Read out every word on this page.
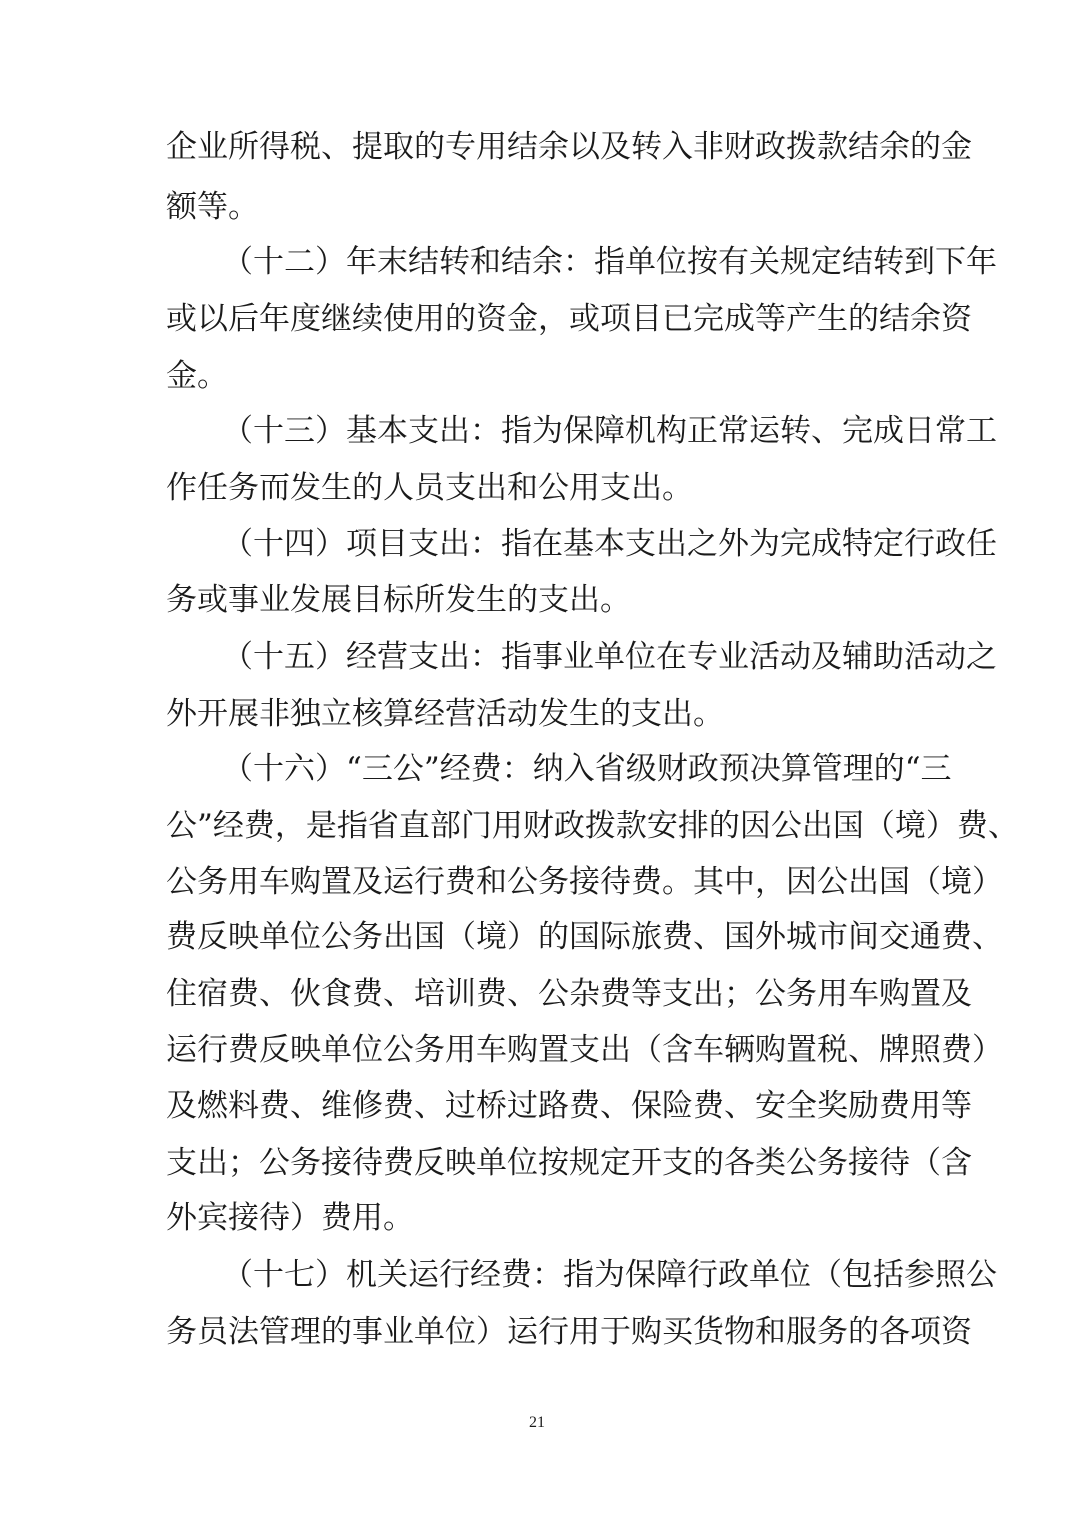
企业所得税、提取的专用结余以及转入非财政拨款结余的金
额等。
（十二）年末结转和结余：指单位按有关规定结转到下年
或以后年度继续使用的资金，或项目已完成等产生的结余资
金。
（十三）基本支出：指为保障机构正常运转、完成日常工
作任务而发生的人员支出和公用支出。
（十四）项目支出：指在基本支出之外为完成特定行政任
务或事业发展目标所发生的支出。
（十五）经营支出：指事业单位在专业活动及辅助活动之
外开展非独立核算经营活动发生的支出。
（十六）“三公”经费：纳入省级财政预决算管理的“三
公”经费，是指省直部门用财政拨款安排的因公出国（境）费、
公务用车购置及运行费和公务接待费。其中，因公出国（境）
费反映单位公务出国（境）的国际旅费、国外城市间交通费、
住宿费、伙食费、培训费、公杂费等支出；公务用车购置及
运行费反映单位公务用车购置支出（含车辆购置税、牌照费）
及燃料费、维修费、过桥过路费、保险费、安全奖励费用等
支出；公务接待费反映单位按规定开支的各类公务接待（含
外宾接待）费用。
（十七）机关运行经费：指为保障行政单位（包括参照公
务员法管理的事业单位）运行用于购买货物和服务的各项资
21
